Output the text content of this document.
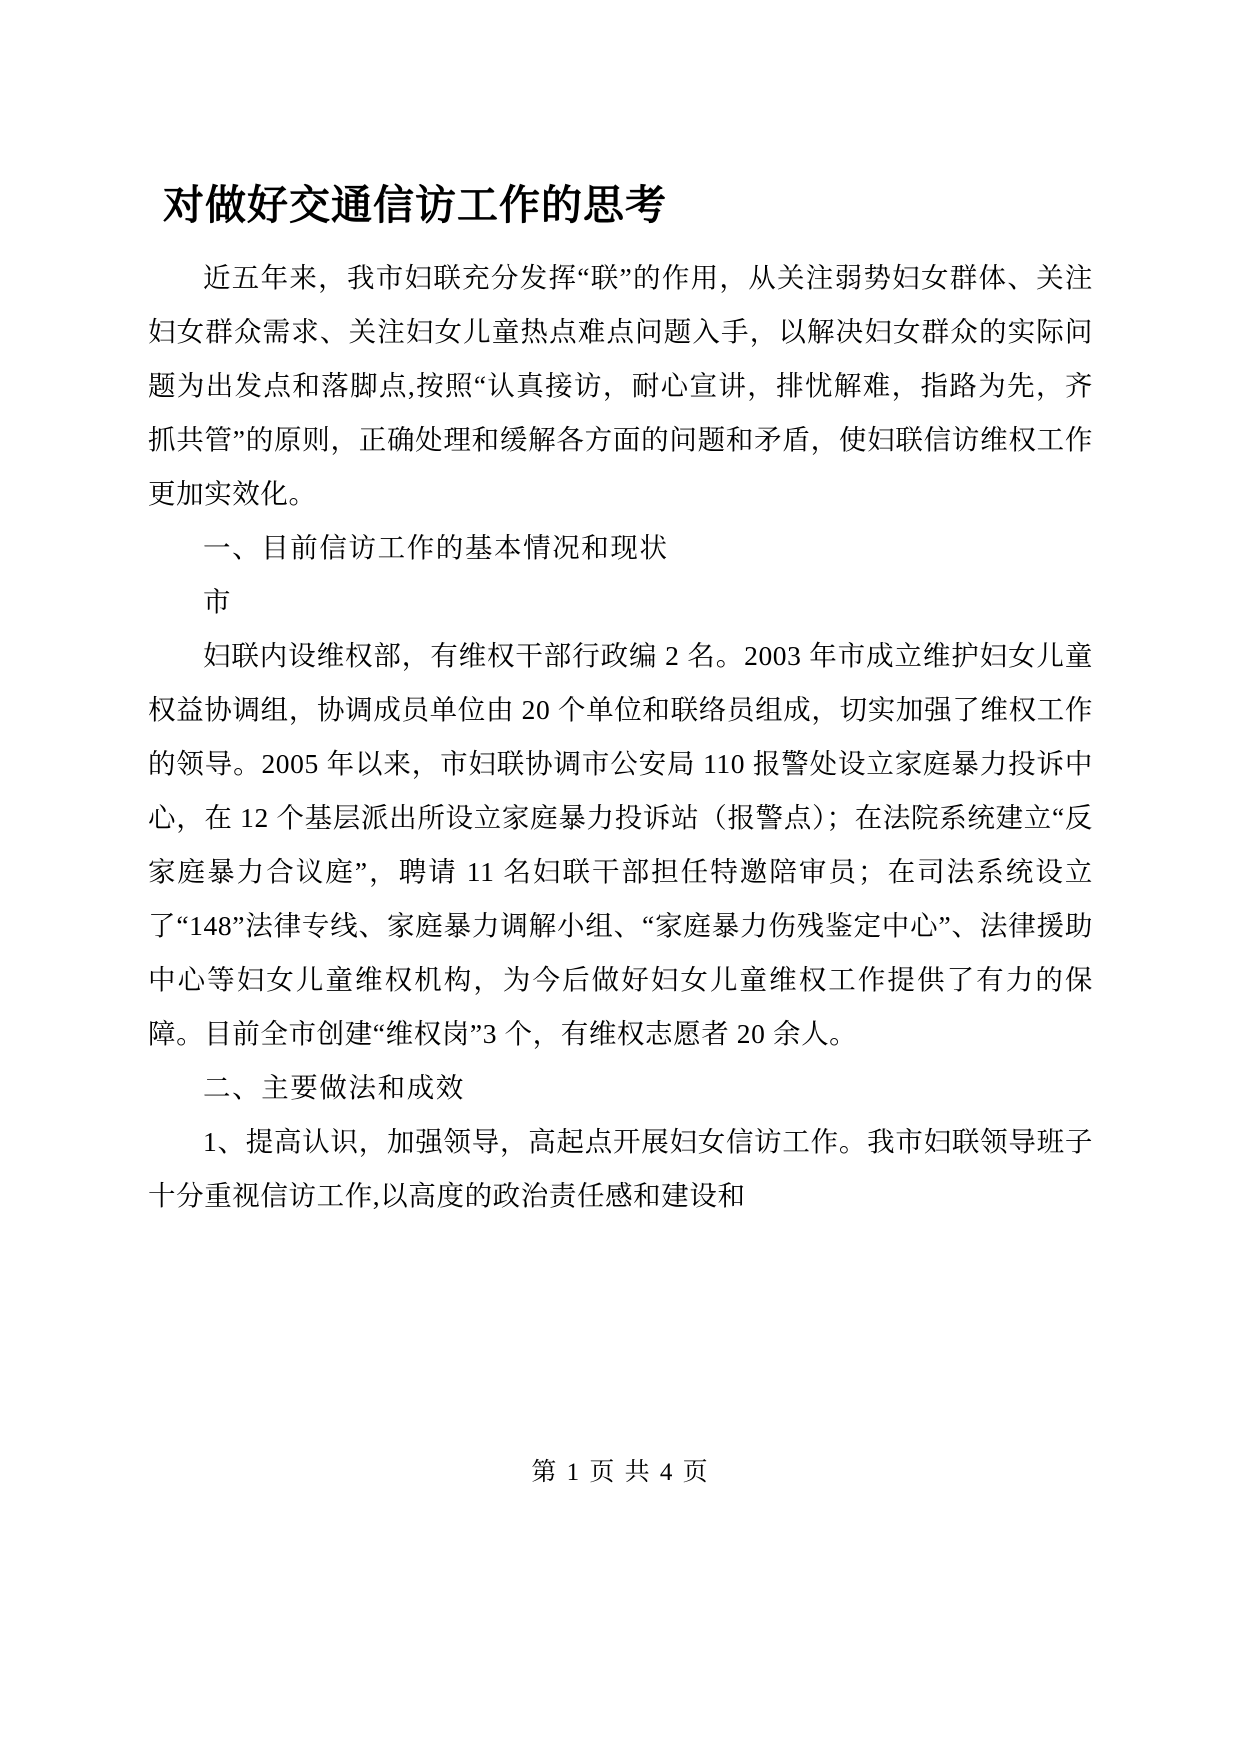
对做好交通信访工作的思考

近五年来，我市妇联充分发挥“联”的作用，从关注弱势妇女群体、关注妇女群众需求、关注妇女儿童热点难点问题入手，以解决妇女群众的实际问题为出发点和落脚点,按照“认真接访，耐心宣讲，排忧解难，指路为先，齐抓共管”的原则，正确处理和缓解各方面的问题和矛盾，使妇联信访维权工作更加实效化。

一、目前信访工作的基本情况和现状

市

妇联内设维权部，有维权干部行政编 2 名。2003 年市成立维护妇女儿童权益协调组，协调成员单位由 20 个单位和联络员组成，切实加强了维权工作的领导。2005 年以来，市妇联协调市公安局 110 报警处设立家庭暴力投诉中心，在 12 个基层派出所设立家庭暴力投诉站（报警点）；在法院系统建立“反家庭暴力合议庭”，聘请 11 名妇联干部担任特邀陪审员；在司法系统设立了“148”法律专线、家庭暴力调解小组、“家庭暴力伤残鉴定中心”、法律援助中心等妇女儿童维权机构，为今后做好妇女儿童维权工作提供了有力的保障。目前全市创建“维权岗”3 个，有维权志愿者 20 余人。

二、主要做法和成效

1、提高认识，加强领导，高起点开展妇女信访工作。我市妇联领导班子十分重视信访工作,以高度的政治责任感和建设和

第 1 页 共 4 页
